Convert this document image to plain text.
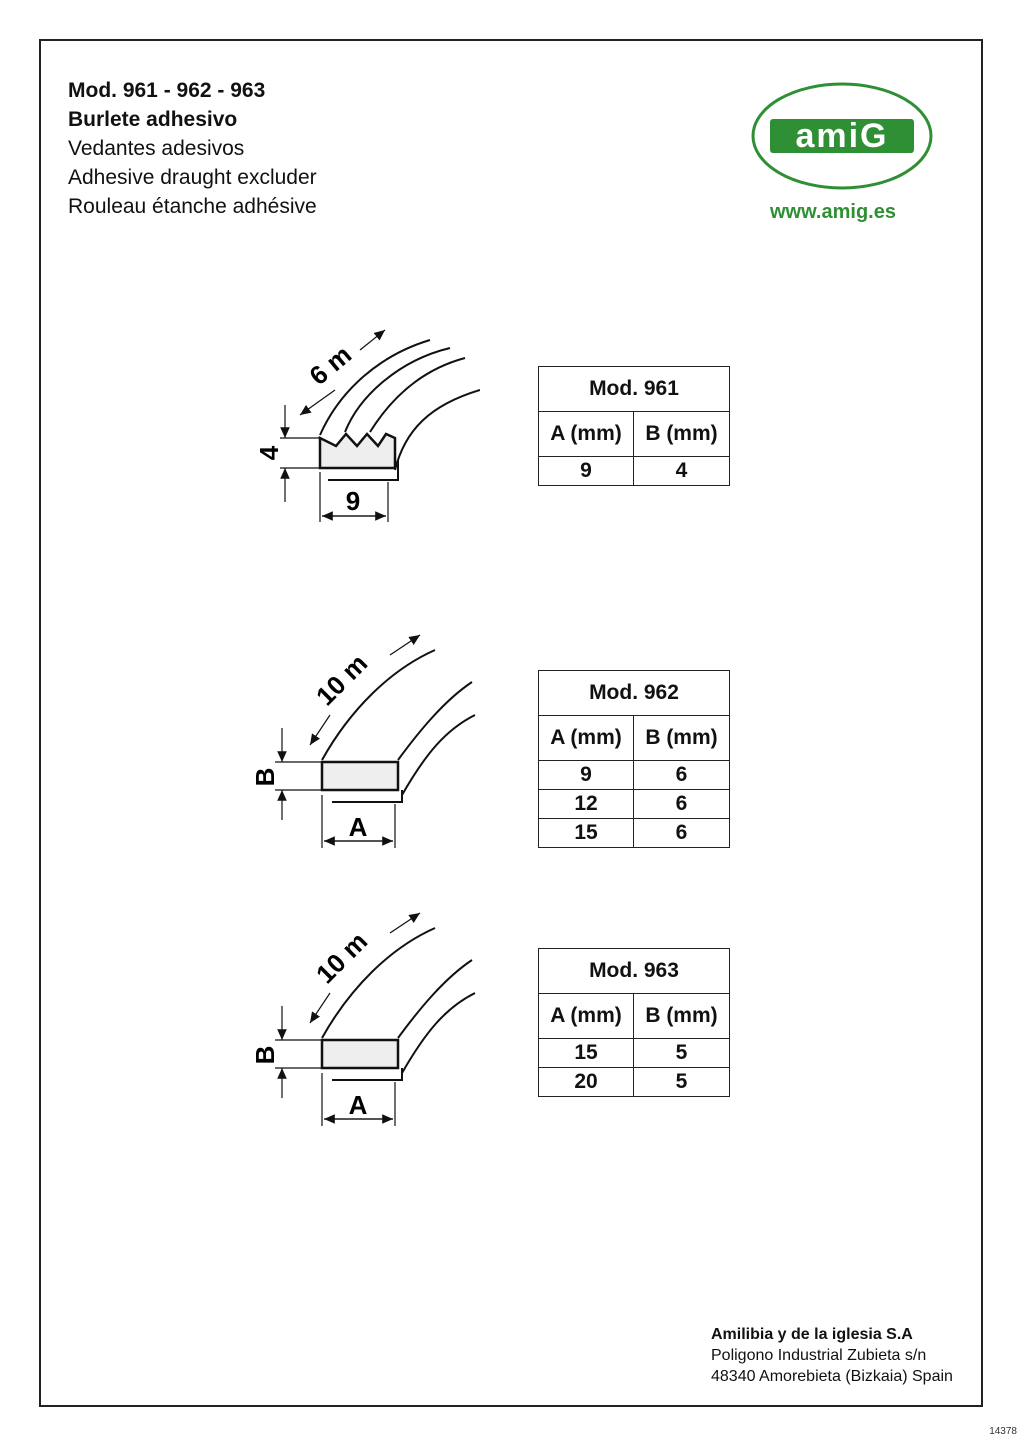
Mod. 961 - 962 - 963

Burlete adhesivo

Vedantes adesivos

Adhesive draught excluder

Rouleau étanche adhésive

amiG
www.amig.es
9
4
6 m
A
B
10 m
A
B
10 m
Mod. 961	
A (mm)	B (mm)
9	4
Mod. 962	
A (mm)	B (mm)
9	6
12	6
15	6
Mod. 963	
A (mm)	B (mm)
15	5
20	5
Amilibia y de la iglesia S.A
Poligono Industrial Zubieta s/n
48340 Amorebieta (Bizkaia) Spain
14378
